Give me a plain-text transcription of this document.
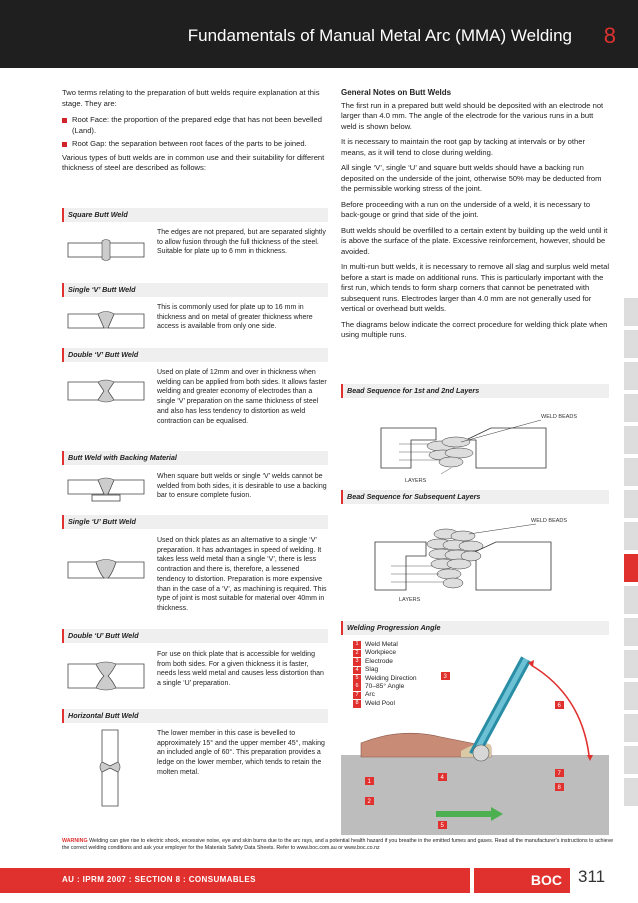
Fundamentals of Manual Metal Arc (MMA) Welding 8

Two terms relating to the preparation of butt welds require explanation at this stage. They are:

Root Face: the proportion of the prepared edge that has not been bevelled (Land).
Root Gap: the separation between root faces of the parts to be joined.

Various types of butt welds are in common use and their suitability for different thickness of steel are described as follows:

Square Butt Weld
The edges are not prepared, but are separated slightly to allow fusion through the full thickness of the steel. Suitable for plate up to 6 mm in thickness.
Single ‘V’ Butt Weld
This is commonly used for plate up to 16 mm in thickness and on metal of greater thickness where access is available from only one side.
Double ‘V’ Butt Weld
Used on plate of 12mm and over in thickness when welding can be applied from both sides. It allows faster welding and greater economy of electrodes than a single ‘V’ preparation on the same thickness of steel and also has less tendency to distortion as weld contraction can be equalised.
Butt Weld with Backing Material
When square butt welds or single ‘V’ welds cannot be welded from both sides, it is desirable to use a backing bar to ensure complete fusion.
Single ‘U’ Butt Weld
Used on thick plates as an alternative to a single ‘V’ preparation. It has advantages in speed of welding. It takes less weld metal than a single ‘V’, there is less contraction and there is, therefore, a lessened tendency to distortion. Preparation is more expensive than in the case of a ‘V’, as machining is required. This type of joint is most suitable for material over 40mm in thickness.
Double ‘U’ Butt Weld
For use on thick plate that is accessible for welding from both sides. For a given thickness it is faster, needs less weld metal and causes less distortion than a single ‘U’ preparation.
Horizontal Butt Weld
The lower member in this case is bevelled to approximately 15° and the upper member 45°, making an included angle of 60°. This preparation provides a ledge on the lower member, which tends to retain the molten metal.
General Notes on Butt Welds

The first run in a prepared butt weld should be deposited with an electrode not larger than 4.0 mm. The angle of the electrode for the various runs in a butt weld is shown below.

It is necessary to maintain the root gap by tacking at intervals or by other means, as it will tend to close during welding.

All single ‘V’, single ‘U’ and square butt welds should have a backing run deposited on the underside of the joint, otherwise 50% may be deducted from the permissible working stress of the joint.

Before proceeding with a run on the underside of a weld, it is necessary to back-gouge or grind that side of the joint.

Butt welds should be overfilled to a certain extent by building up the weld until it is above the surface of the plate. Excessive reinforcement, however, should be avoided.

In multi-run butt welds, it is necessary to remove all slag and surplus weld metal before a start is made on additional runs. This is particularly important with the first run, which tends to form sharp corners that cannot be penetrated with subsequent runs. Electrodes larger than 4.0 mm are not generally used for vertical or overhead butt welds.

The diagrams below indicate the correct procedure for welding thick plate when using multiple runs.

Bead Sequence for 1st and 2nd Layers
WELD BEADS
LAYERS
Bead Sequence for Subsequent Layers
WELD BEADS
LAYERS
Welding Progression Angle
3
4
1
2
6
7
8
5
1 Weld Metal
2 Workpiece
3 Electrode
4 Slag
5 Welding Direction
6 70–85° Angle
7 Arc
8 Weld Pool
WARNING Welding can give rise to electric shock, excessive noise, eye and skin burns due to the arc rays, and a potential health hazard if you breathe in the emitted fumes and gases. Read all the manufacturer's instructions to achieve the correct welding conditions and ask your employer for the Materials Safety Data Sheets. Refer to www.boc.com.au or www.boc.co.nz
AU : IPRM 2007 : SECTION 8 : CONSUMABLES	BOC 311
